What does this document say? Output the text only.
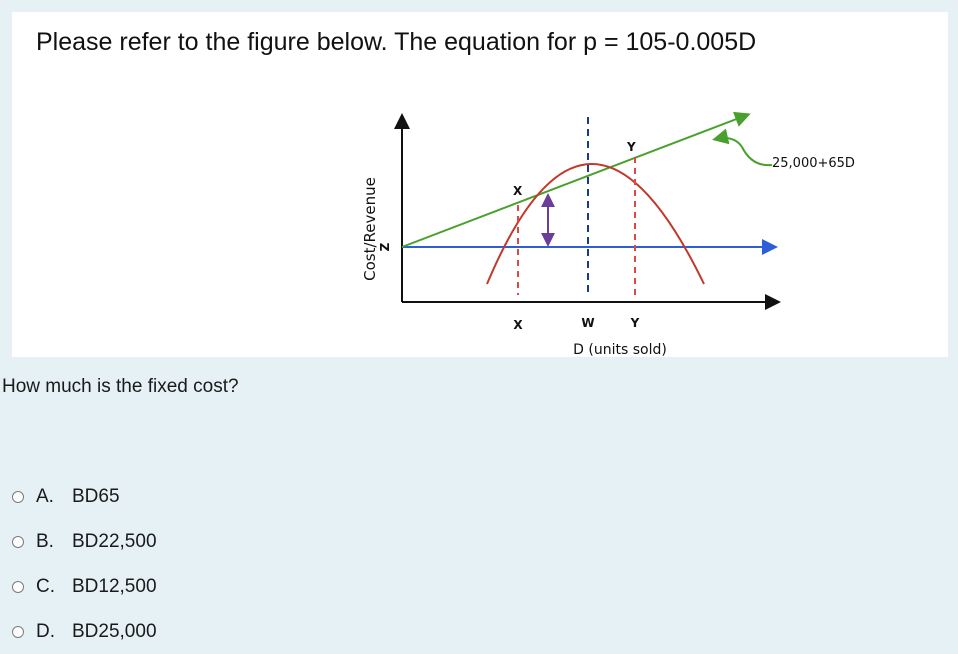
Please refer to the figure below. The equation for p = 105-0.005D
Cost/Revenue Z
X
Y
25,000+65D
X	W	Y
D (units sold)
How much is the fixed cost?
A. BD65
B. BD22,500
C. BD12,500
D. BD25,000
